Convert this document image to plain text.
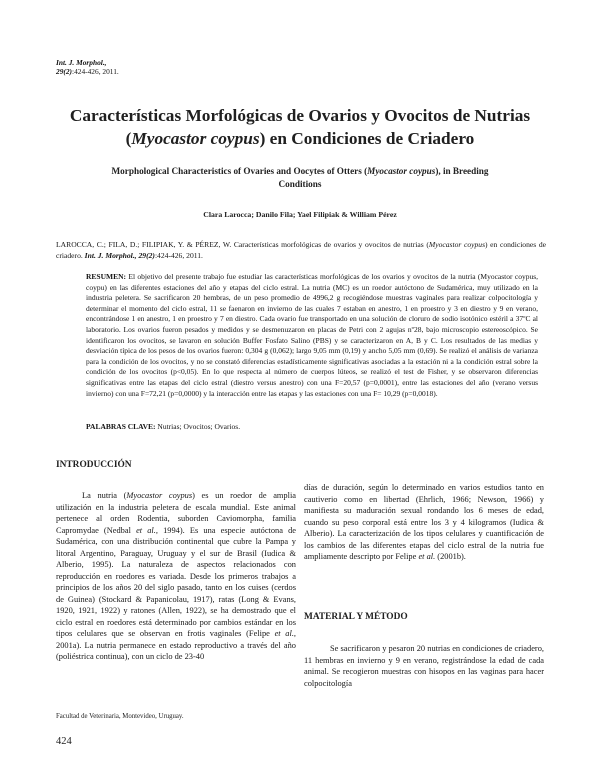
Int. J. Morphol.,
29(2):424-426, 2011.
Características Morfológicas de Ovarios y Ovocitos de Nutrias (Myocastor coypus) en Condiciones de Criadero
Morphological Characteristics of Ovaries and Oocytes of Otters (Myocastor coypus), in Breeding Conditions
Clara Larocca; Danilo Fila; Yael Filipiak & William Pérez
LAROCCA, C.; FILA, D.; FILIPIAK, Y. & PÉREZ, W. Características morfológicas de ovarios y ovocitos de nutrias (Myocastor coypus) en condiciones de criadero. Int. J. Morphol., 29(2):424-426, 2011.
RESUMEN: El objetivo del presente trabajo fue estudiar las características morfológicas de los ovarios y ovocitos de la nutria (Myocastor coypus, coypu) en las diferentes estaciones del año y etapas del ciclo estral. La nutria (MC) es un roedor autóctono de Sudamérica, muy utilizado en la industria peletera. Se sacrificaron 20 hembras, de un peso promedio de 4996,2 g recogiéndose muestras vaginales para realizar colpocitología y determinar el momento del ciclo estral, 11 se faenaron en invierno de las cuales 7 estaban en anestro, 1 en proestro y 3 en diestro y 9 en verano, encontrándose 1 en anestro, 1 en proestro y 7 en diestro. Cada ovario fue transportado en una solución de cloruro de sodio isotónico estéril a 37ºC al laboratorio. Los ovarios fueron pesados y medidos y se desmenuzaron en placas de Petri con 2 agujas nº28, bajo microscopio estereoscópico. Se identificaron los ovocitos, se lavaron en solución Buffer Fosfato Salino (PBS) y se caracterizaron en A, B y C. Los resultados de las medias y desviación típica de los pesos de los ovarios fueron: 0,304 g (0,062); largo 9,05 mm (0,19) y ancho 5,05 mm (0,69). Se realizó el análisis de varianza para la condición de los ovocitos, y no se constató diferencias estadísticamente significativas asociadas a la estación ni a la condición estral sobre la condición de los ovocitos (p<0,05). En lo que respecta al número de cuerpos lúteos, se realizó el test de Fisher, y se observaron diferencias significativas entre las etapas del ciclo estral (diestro versus anestro) con una F=20,57 (p=0,0001), entre las estaciones del año (verano versus invierno) con una F=72,21 (p=0,0000) y la interacción entre las etapas y las estaciones con una F= 10,29 (p=0,0018).
PALABRAS CLAVE: Nutrias; Ovocitos; Ovarios.
INTRODUCCIÓN

La nutria (Myocastor coypus) es un roedor de amplia utilización en la industria peletera de escala mundial. Este animal pertenece al orden Rodentia, suborden Caviomorpha, familia Capromydae (Nedbal et al., 1994). Es una especie autóctona de Sudamérica, con una distribución continental que cubre la Pampa y litoral Argentino, Paraguay, Uruguay y el sur de Brasil (Iudica & Alberio, 1995). La naturaleza de aspectos relacionados con reproducción en roedores es variada. Desde los primeros trabajos a principios de los años 20 del siglo pasado, tanto en los cuises (cerdos de Guinea) (Stockard & Papanicolau, 1917), ratas (Long & Evans, 1920, 1921, 1922) y ratones (Allen, 1922), se ha demostrado que el ciclo estral en roedores está determinado por cambios estándar en los tipos celulares que se observan en frotis vaginales (Felipe et al., 2001a). La nutria permanece en estado reproductivo a través del año (poliéstrica continua), con un ciclo de 23-40

días de duración, según lo determinado en varios estudios tanto en cautiverio como en libertad (Ehrlich, 1966; Newson, 1966) y manifiesta su maduración sexual rondando los 6 meses de edad, cuando su peso corporal está entre los 3 y 4 kilogramos (Iudica & Alberio). La caracterización de los tipos celulares y cuantificación de los cambios de las diferentes etapas del ciclo estral de la nutria fue ampliamente descripto por Felipe et al. (2001b).

MATERIAL Y MÉTODO

Se sacrificaron y pesaron 20 nutrias en condiciones de criadero, 11 hembras en invierno y 9 en verano, registrándose la edad de cada animal. Se recogieron muestras con hisopos en las vaginas para hacer colpocitología

Facultad de Veterinaria, Montevideo, Uruguay.
424
